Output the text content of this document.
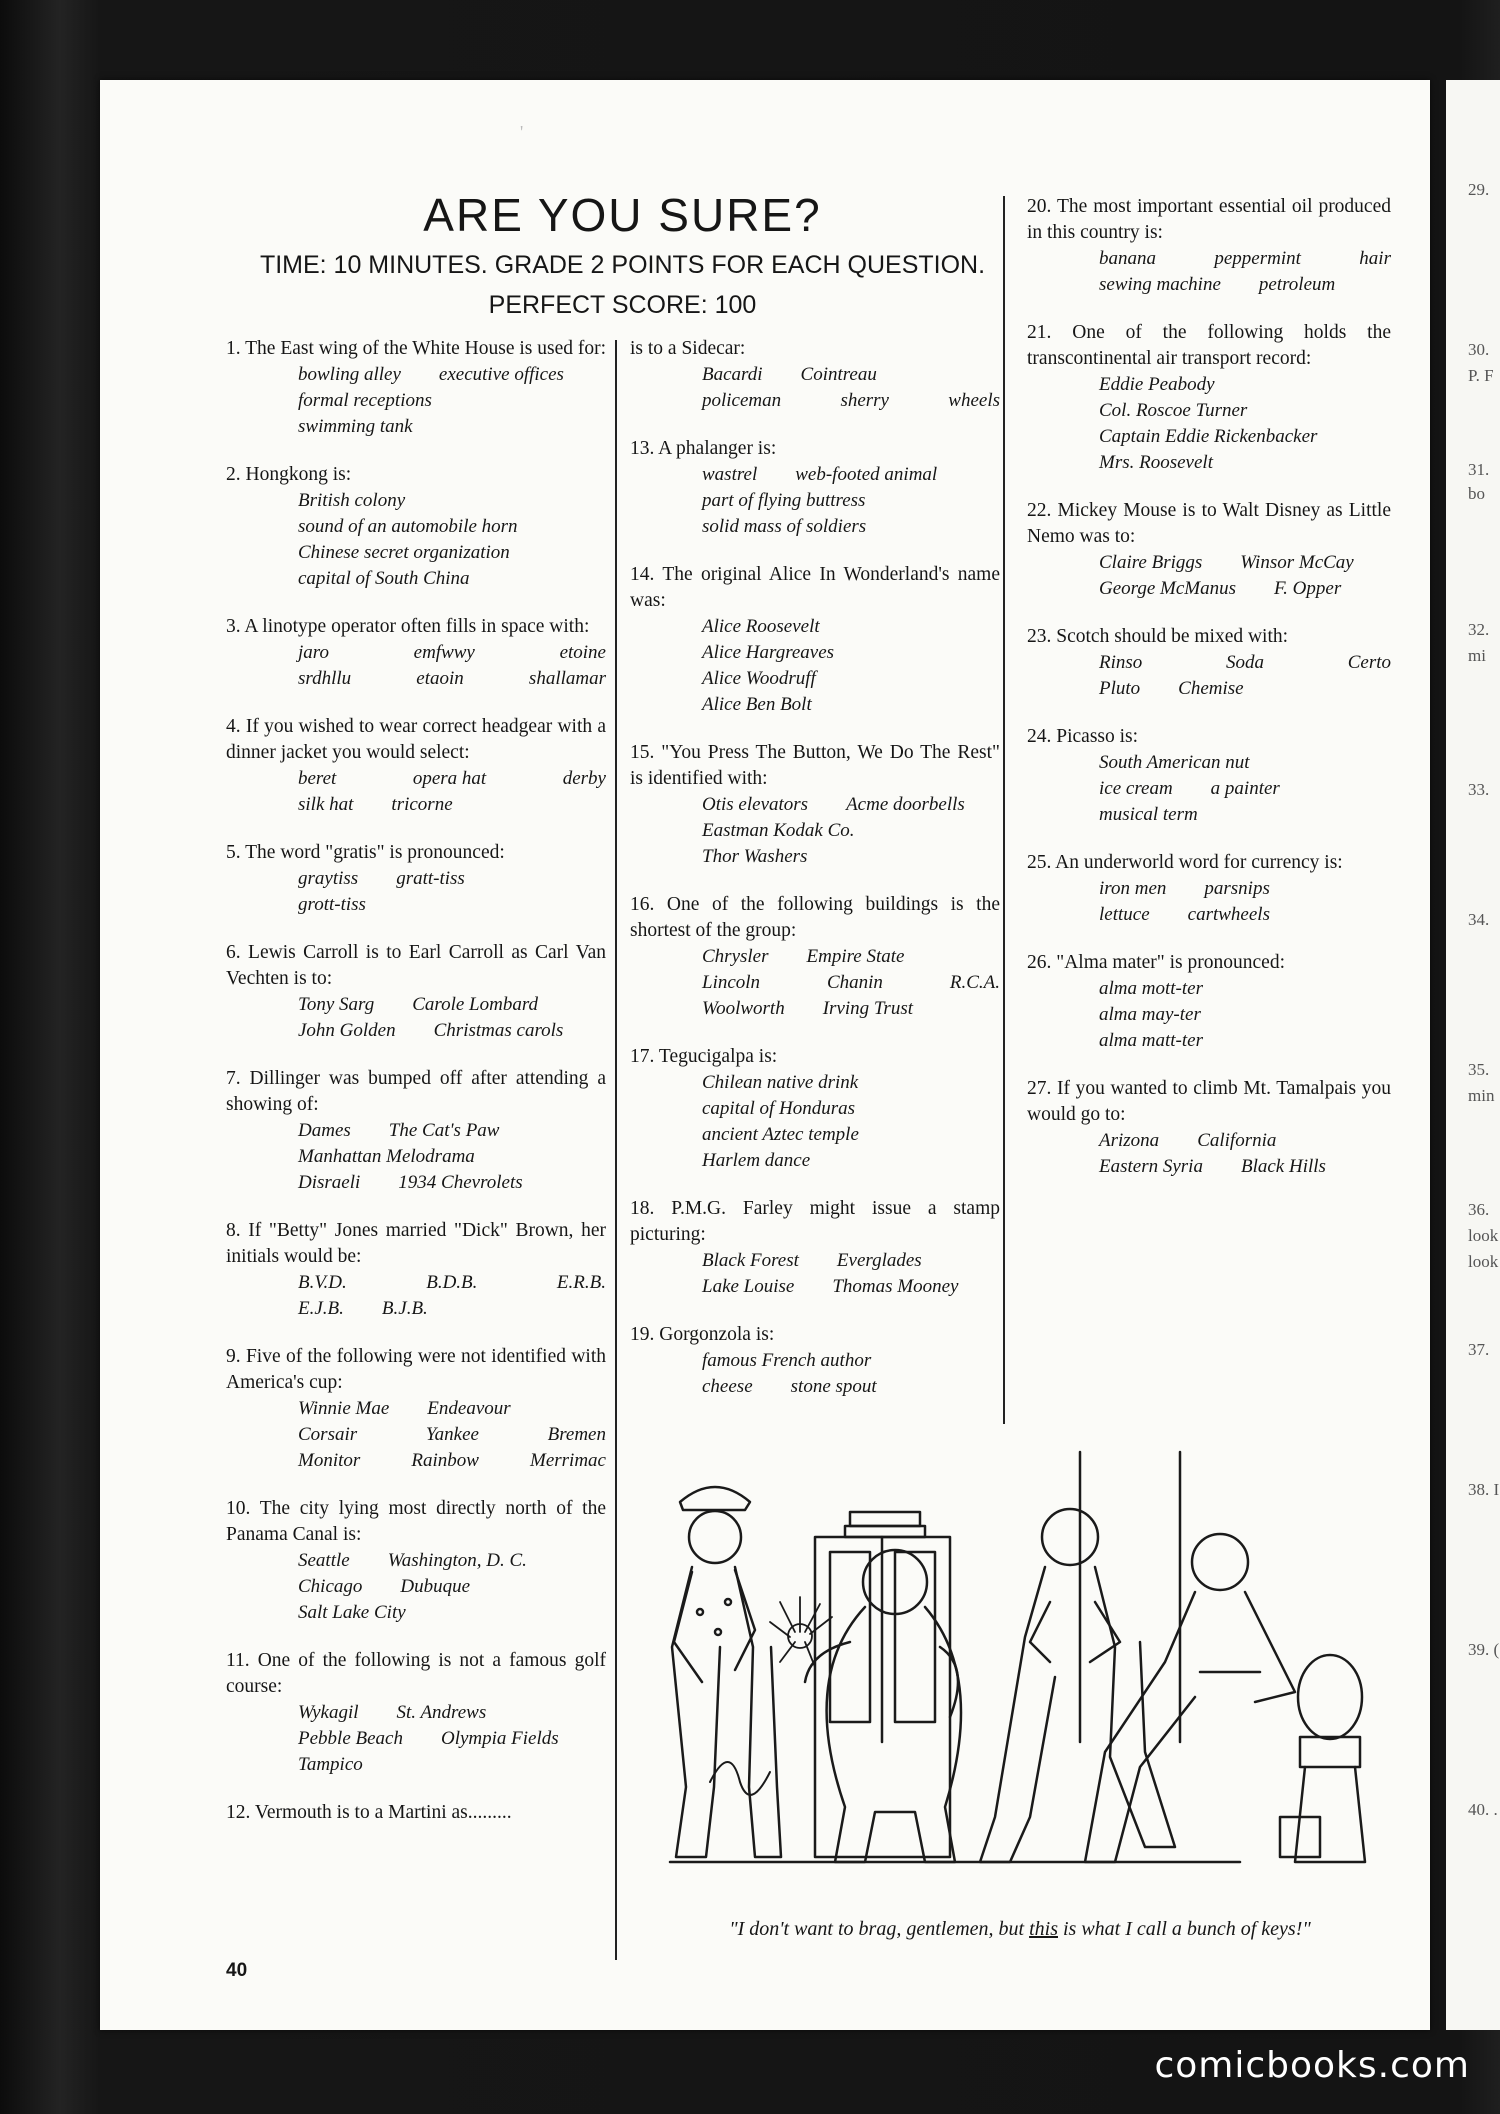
29.
30.
P. F
31.
bo
32.
mi
33.
34.
35.
min
36.
look
look
37.
38. I
39. (
40. .
'
ARE YOU SURE?
TIME: 10 MINUTES. GRADE 2 POINTS FOR EACH QUESTION.
PERFECT SCORE: 100
1. The East wing of the White House is used for:
bowling alley executive offices
formal receptions
swimming tank
2. Hongkong is:
British colony
sound of an automobile horn
Chinese secret organization
capital of South China
3. A linotype operator often fills in space with:
jaro	emfwwy	etoine
srdhllu	etaoin	shallamar
4. If you wished to wear correct headgear with a dinner jacket you would select:
beret	opera hat	derby
silk hat tricorne
5. The word "gratis" is pronounced:
graytiss gratt-tiss
grott-tiss
6. Lewis Carroll is to Earl Carroll as Carl Van Vechten is to:
Tony Sarg Carole Lombard
John Golden Christmas carols
7. Dillinger was bumped off after attending a showing of:
Dames The Cat's Paw
Manhattan Melodrama
Disraeli 1934 Chevrolets
8. If "Betty" Jones married "Dick" Brown, her initials would be:
B.V.D.	B.D.B.	E.R.B.
E.J.B. B.J.B.
9. Five of the following were not identified with America's cup:
Winnie Mae Endeavour
Corsair	Yankee	Bremen
Monitor	Rainbow	Merrimac
10. The city lying most directly north of the Panama Canal is:
Seattle Washington, D. C.
Chicago Dubuque
Salt Lake City
11. One of the following is not a famous golf course:
Wykagil St. Andrews
Pebble Beach Olympia Fields
Tampico
12. Vermouth is to a Martini as.........
is to a Sidecar:
Bacardi Cointreau
policeman	sherry	wheels
13. A phalanger is:
wastrel web-footed animal
part of flying buttress
solid mass of soldiers
14. The original Alice In Wonderland's name was:
Alice Roosevelt
Alice Hargreaves
Alice Woodruff
Alice Ben Bolt
15. "You Press The Button, We Do The Rest" is identified with:
Otis elevators Acme doorbells
Eastman Kodak Co.
Thor Washers
16. One of the following buildings is the shortest of the group:
Chrysler Empire State
Lincoln	Chanin	R.C.A.
Woolworth Irving Trust
17. Tegucigalpa is:
Chilean native drink
capital of Honduras
ancient Aztec temple
Harlem dance
18. P.M.G. Farley might issue a stamp picturing:
Black Forest Everglades
Lake Louise Thomas Mooney
19. Gorgonzola is:
famous French author
cheese stone spout
20. The most important essential oil produced in this country is:
banana	peppermint	hair
sewing machine petroleum
21. One of the following holds the transcontinental air transport record:
Eddie Peabody
Col. Roscoe Turner
Captain Eddie Rickenbacker
Mrs. Roosevelt
22. Mickey Mouse is to Walt Disney as Little Nemo was to:
Claire Briggs Winsor McCay
George McManus F. Opper
23. Scotch should be mixed with:
Rinso	Soda	Certo
Pluto Chemise
24. Picasso is:
South American nut
ice cream a painter
musical term
25. An underworld word for currency is:
iron men parsnips
lettuce cartwheels
26. "Alma mater" is pronounced:
alma mott-ter
alma may-ter
alma matt-ter
27. If you wanted to climb Mt. Tamalpais you would go to:
Arizona California
Eastern Syria Black Hills
"I don't want to brag, gentlemen, but this is what I call a bunch of keys!"
40
comicbooks.com
